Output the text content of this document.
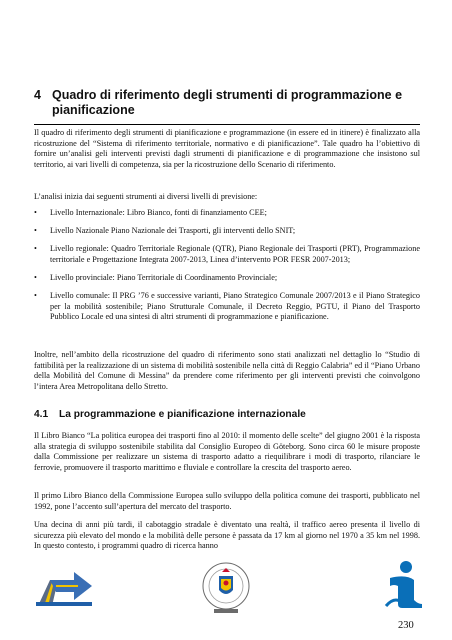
4 Quadro di riferimento degli strumenti di programmazione e pianificazione

Il quadro di riferimento degli strumenti di pianificazione e programmazione (in essere ed in itinere) è finalizzato alla ricostruzione del “Sistema di riferimento territoriale, normativo e di pianificazione”. Tale quadro ha l’obiettivo di fornire un’analisi geli interventi previsti dagli strumenti di pianificazione e di programmazione che insistono sul territorio, ai vari livelli di competenza, sia per la ricostruzione dello Scenario di riferimento.

L’analisi inizia dai seguenti strumenti ai diversi livelli di previsione:

• Livello Internazionale: Libro Bianco, fonti di finanziamento CEE;
• Livello Nazionale Piano Nazionale dei Trasporti, gli interventi dello SNIT;
• Livello regionale: Quadro Territoriale Regionale (QTR), Piano Regionale dei Trasporti (PRT), Programmazione territoriale e Progettazione Integrata 2007-2013, Linea d’intervento POR FESR 2007-2013;
• Livello provinciale: Piano Territoriale di Coordinamento Provinciale;
• Livello comunale: Il PRG ’76 e successive varianti, Piano Strategico Comunale 2007/2013 e il Piano Strategico per la mobilità sostenibile; Piano Strutturale Comunale, il Decreto Reggio, PGTU, il Piano del Trasporto Pubblico Locale ed una sintesi di altri strumenti di programmazione e pianificazione.

Inoltre, nell’ambito della ricostruzione del quadro di riferimento sono stati analizzati nel dettaglio lo “Studio di fattibilità per la realizzazione di un sistema di mobilità sostenibile nella città di Reggio Calabria” ed il “Piano Urbano della Mobilità del Comune di Messina” da prendere come riferimento per gli interventi previsti che coinvolgono l’intera Area Metropolitana dello Stretto.

4.1	La programmazione e pianificazione internazionale

Il Libro Bianco “La politica europea dei trasporti fino al 2010: il momento delle scelte” del giugno 2001 è la risposta alla strategia di sviluppo sostenibile stabilita dal Consiglio Europeo di Göteborg. Sono circa 60 le misure proposte dalla Commissione per realizzare un sistema di trasporto adatto a riequilibrare i modi di trasporto, rilanciare le ferrovie, promuovere il trasporto marittimo e fluviale e controllare la crescita del trasporto aereo.

Il primo Libro Bianco della Commissione Europea sullo sviluppo della politica comune dei trasporti, pubblicato nel 1992, pone l’accento sull’apertura del mercato del trasporto.

Una decina di anni più tardi, il cabotaggio stradale è diventato una realtà, il traffico aereo presenta il livello di sicurezza più elevato del mondo e la mobilità delle persone è passata da 17 km al giorno nel 1970 a 35 km nel 1998. In questo contesto, i programmi quadro di ricerca hanno

230
